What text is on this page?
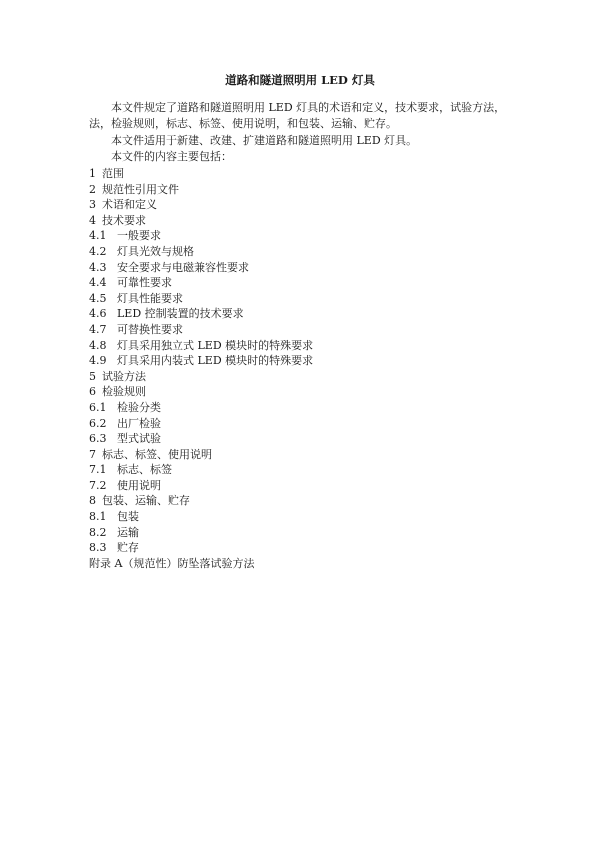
道路和隧道照明用 LED 灯具

本文件规定了道路和隧道照明用 LED 灯具的术语和定义，技术要求，试验方法，

法，检验规则，标志、标签、使用说明，和包装、运输、贮存。

本文件适用于新建、改建、扩建道路和隧道照明用 LED 灯具。

本文件的内容主要包括：

1 范围
2 规范性引用文件
3 术语和定义
4 技术要求
4.1 一般要求
4.2 灯具光效与规格
4.3 安全要求与电磁兼容性要求
4.4 可靠性要求
4.5 灯具性能要求
4.6 LED 控制装置的技术要求
4.7 可替换性要求
4.8 灯具采用独立式 LED 模块时的特殊要求
4.9 灯具采用内装式 LED 模块时的特殊要求
5 试验方法
6 检验规则
6.1 检验分类
6.2 出厂检验
6.3 型式试验
7 标志、标签、使用说明
7.1 标志、标签
7.2 使用说明
8 包装、运输、贮存
8.1 包装
8.2 运输
8.3 贮存
附录 A（规范性）防坠落试验方法
